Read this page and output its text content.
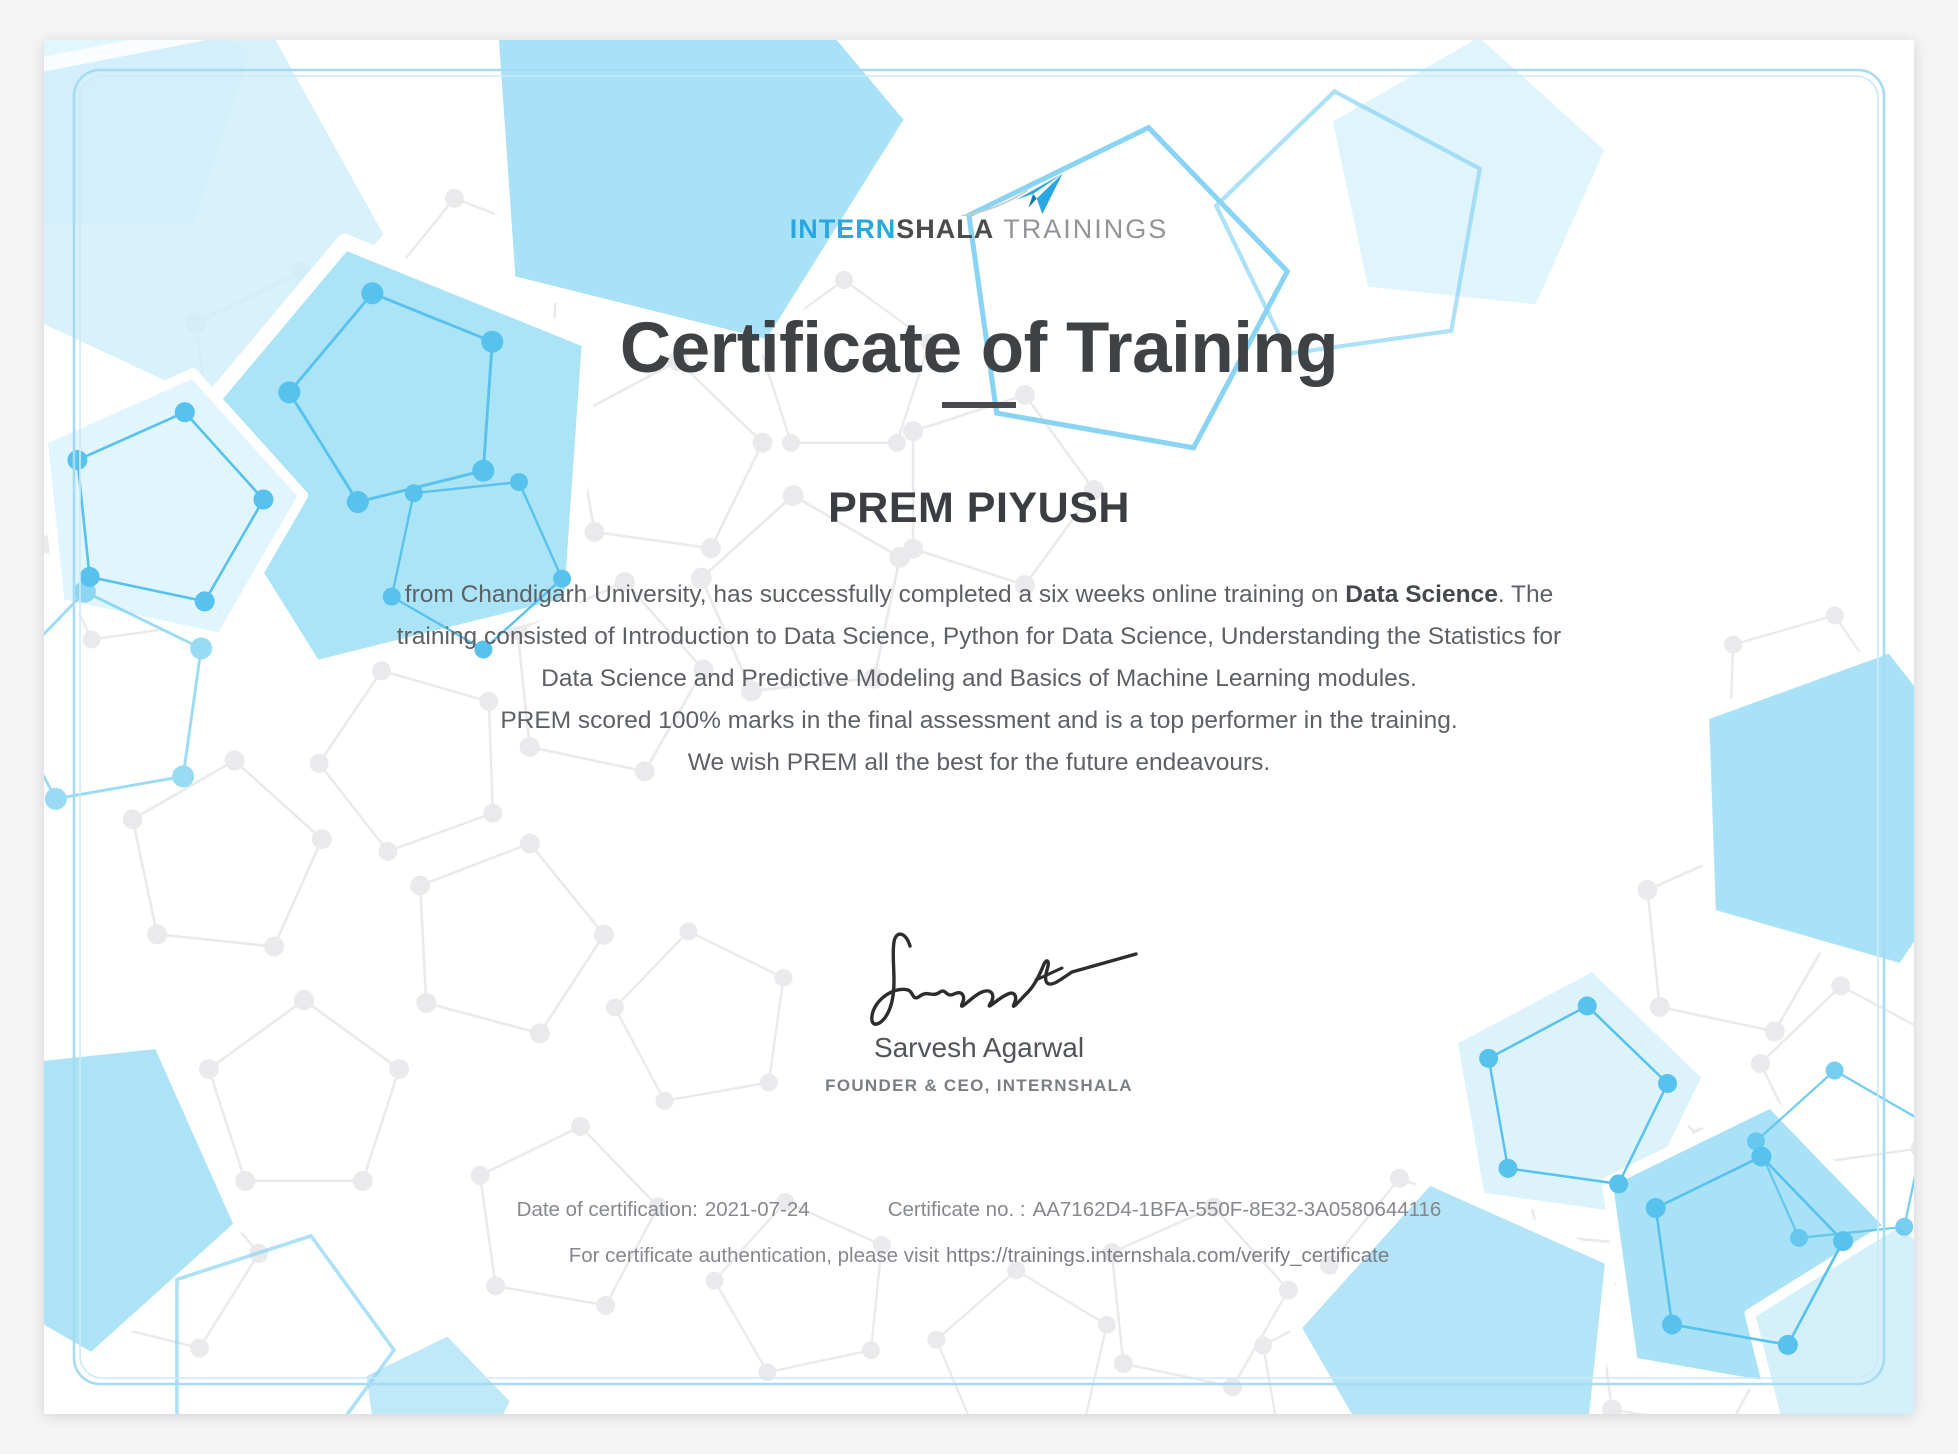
INTERNSHALA TRAININGS
Certificate of Training
PREM PIYUSH
from Chandigarh University, has successfully completed a six weeks online training on Data Science. The
training consisted of Introduction to Data Science, Python for Data Science, Understanding the Statistics for
Data Science and Predictive Modeling and Basics of Machine Learning modules.
PREM scored 100% marks in the final assessment and is a top performer in the training.
We wish PREM all the best for the future endeavours.
Sarvesh Agarwal
FOUNDER & CEO, INTERNSHALA
Date of certification: 2021-07-24	Certificate no. : AA7162D4-1BFA-550F-8E32-3A0580644116
For certificate authentication, please visit https://trainings.internshala.com/verify_certificate
